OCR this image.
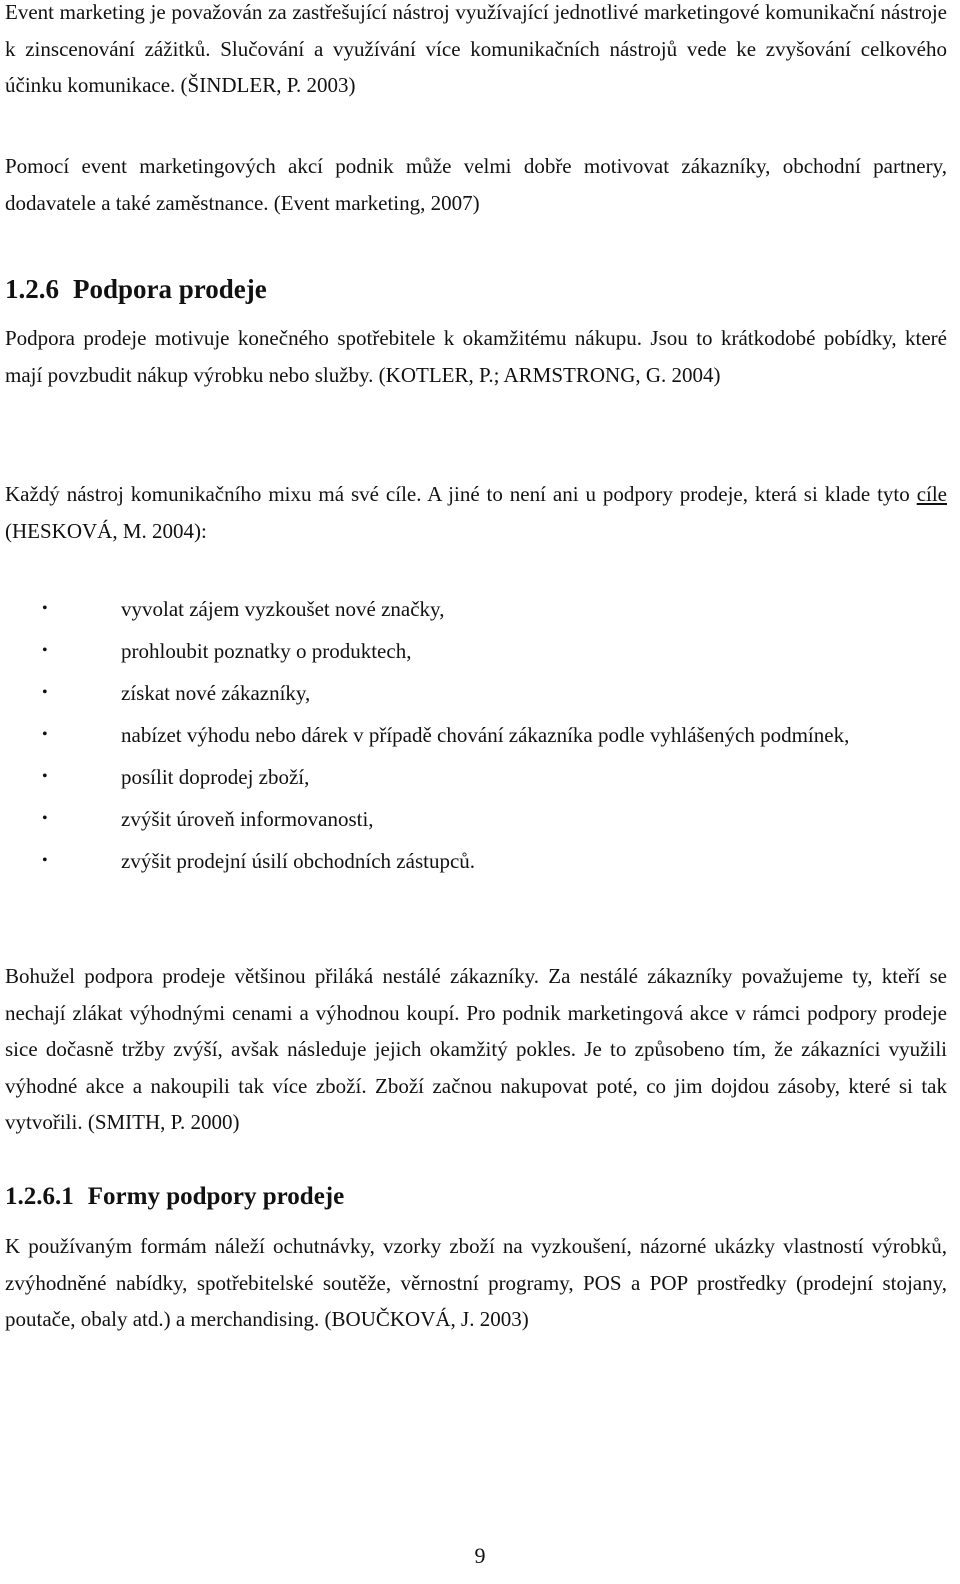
Event marketing je považován za zastřešující nástroj využívající jednotlivé marketingové komunikační nástroje k zinscenování zážitků. Slučování a využívání více komunikačních nástrojů vede ke zvyšování celkového účinku komunikace. (ŠINDLER, P. 2003)

Pomocí event marketingových akcí podnik může velmi dobře motivovat zákazníky, obchodní partnery, dodavatele a také zaměstnance. (Event marketing, 2007)

1.2.6 Podpora prodeje

Podpora prodeje motivuje konečného spotřebitele k okamžitému nákupu. Jsou to krátkodobé pobídky, které mají povzbudit nákup výrobku nebo služby. (KOTLER, P.; ARMSTRONG, G. 2004)

Každý nástroj komunikačního mixu má své cíle. A jiné to není ani u podpory prodeje, která si klade tyto cíle (HESKOVÁ, M. 2004):

•	vyvolat zájem vyzkoušet nové značky,
•	prohloubit poznatky o produktech,
•	získat nové zákazníky,
•	nabízet výhodu nebo dárek v případě chování zákazníka podle vyhlášených podmínek,
•	posílit doprodej zboží,
•	zvýšit úroveň informovanosti,
•	zvýšit prodejní úsilí obchodních zástupců.

Bohužel podpora prodeje většinou přiláká nestálé zákazníky. Za nestálé zákazníky považujeme ty, kteří se nechají zlákat výhodnými cenami a výhodnou koupí. Pro podnik marketingová akce v rámci podpory prodeje sice dočasně tržby zvýší, avšak následuje jejich okamžitý pokles. Je to způsobeno tím, že zákazníci využili výhodné akce a nakoupili tak více zboží. Zboží začnou nakupovat poté, co jim dojdou zásoby, které si tak vytvořili. (SMITH, P. 2000)

1.2.6.1 Formy podpory prodeje

K používaným formám náleží ochutnávky, vzorky zboží na vyzkoušení, názorné ukázky vlastností výrobků, zvýhodněné nabídky, spotřebitelské soutěže, věrnostní programy, POS a POP prostředky (prodejní stojany, poutače, obaly atd.) a merchandising. (BOUČKOVÁ, J. 2003)

9
